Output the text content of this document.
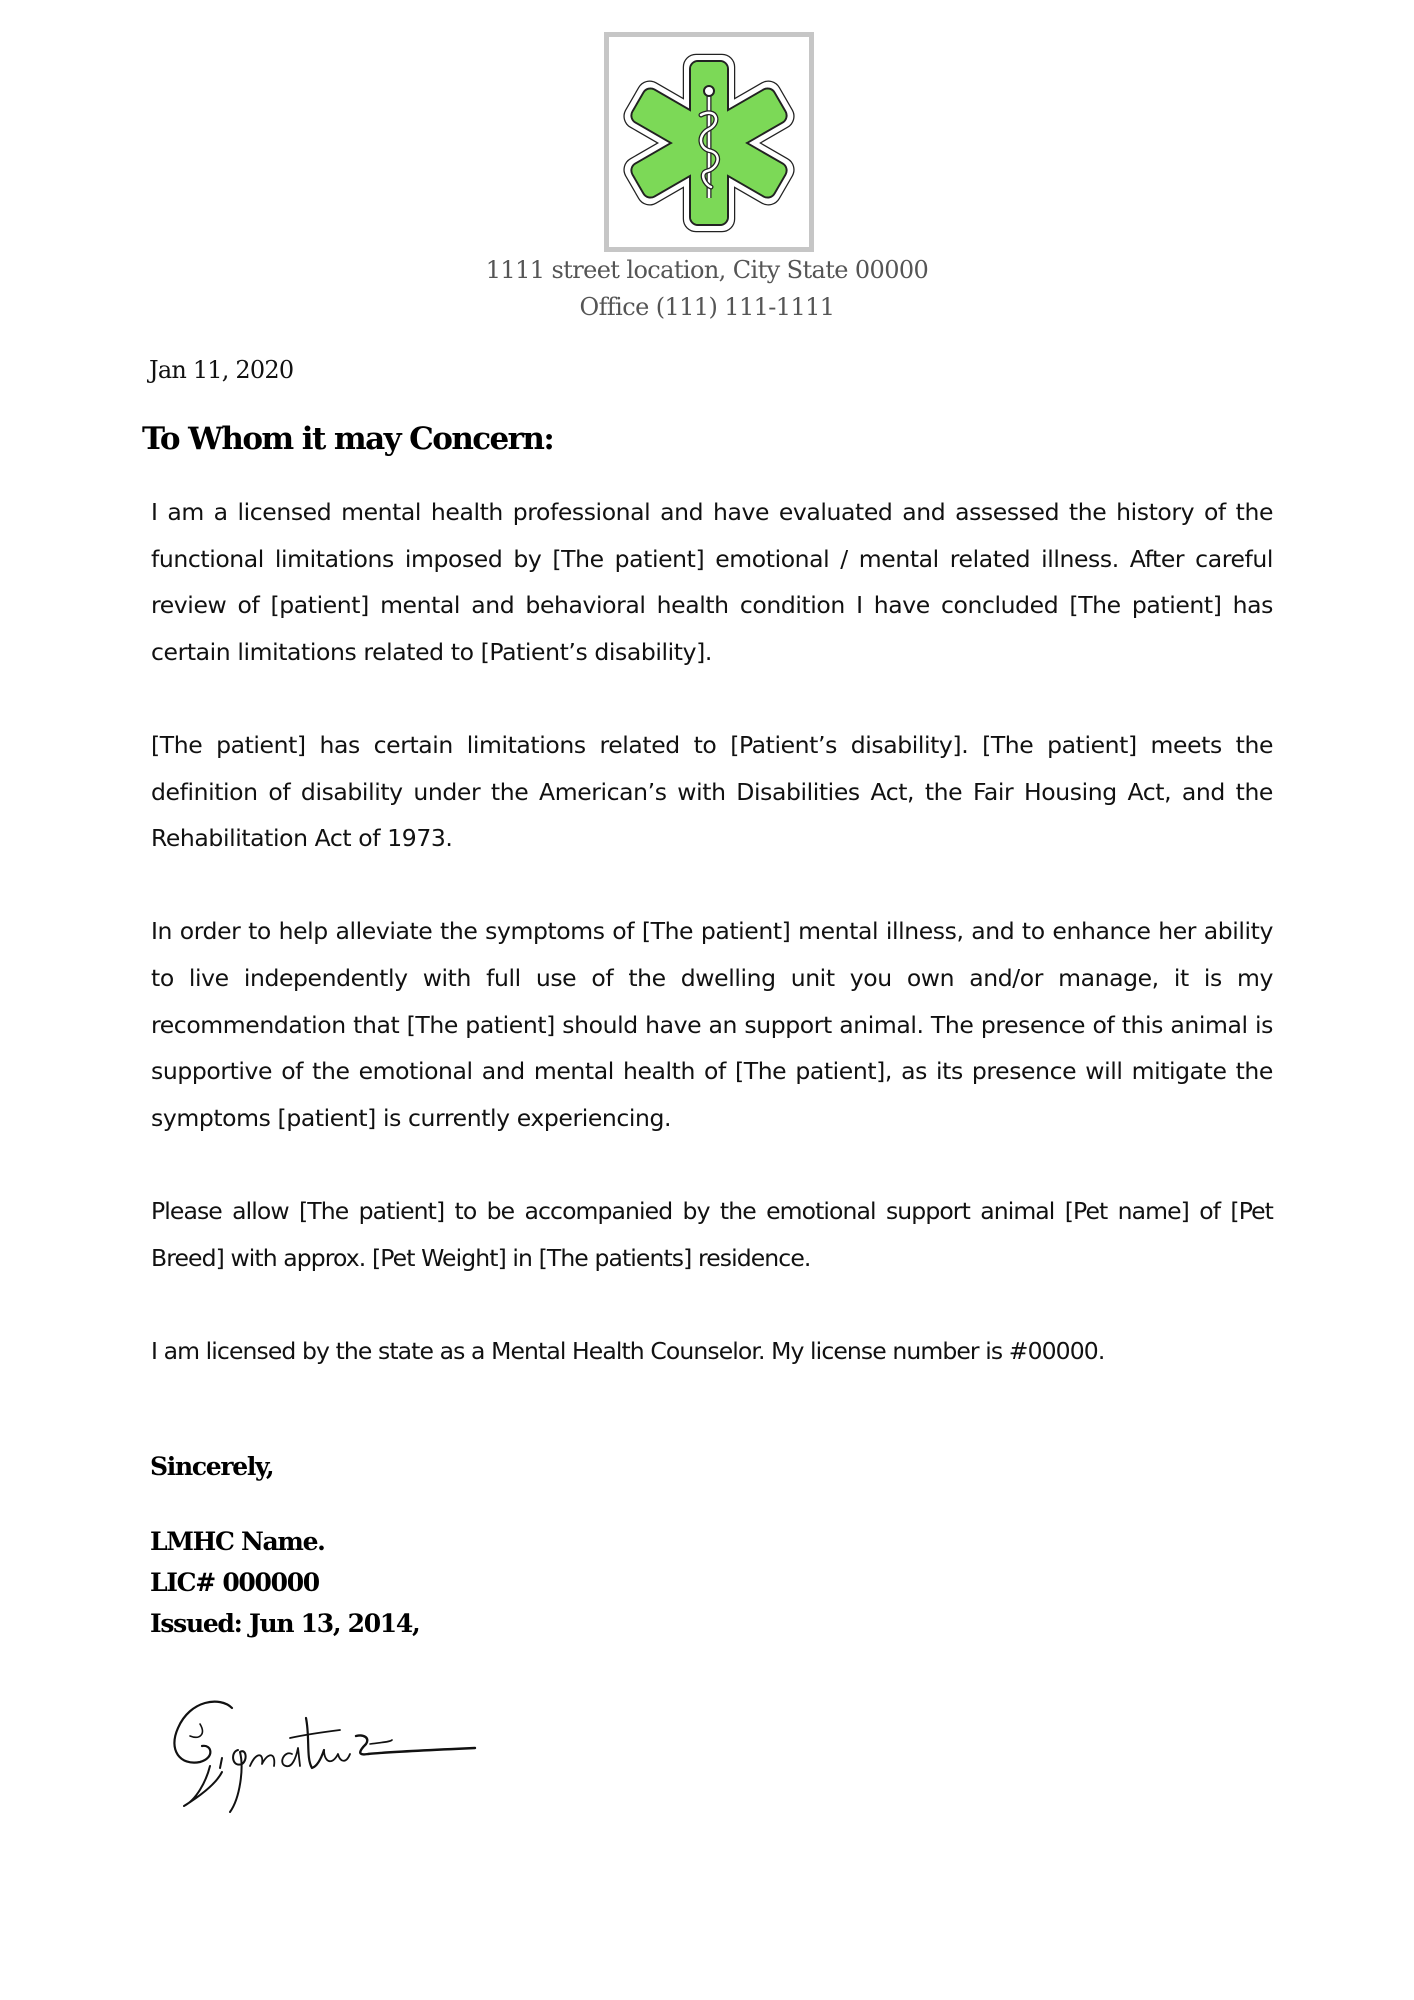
1111 street location, City State 00000
Office (111) 111-1111
Jan 11, 2020
To Whom it may Concern:

I am a licensed mental health professional and have evaluated and assessed the history of the functional limitations imposed by [The patient] emotional / mental related illness. After careful review of [patient] mental and behavioral health condition I have concluded [The patient] has certain limitations related to [Patient’s disability].

[The patient] has certain limitations related to [Patient’s disability]. [The patient] meets the definition of disability under the American’s with Disabilities Act, the Fair Housing Act, and the Rehabilitation Act of 1973.

In order to help alleviate the symptoms of [The patient] mental illness, and to enhance her ability to live independently with full use of the dwelling unit you own and/or manage, it is my recommendation that [The patient] should have an support animal. The presence of this animal is supportive of the emotional and mental health of [The patient], as its presence will mitigate the symptoms [patient] is currently experiencing.

Please allow [The patient] to be accompanied by the emotional support animal [Pet name] of [Pet Breed] with approx. [Pet Weight] in [The patients] residence.

I am licensed by the state as a Mental Health Counselor. My license number is #00000.

Sincerely,
LMHC Name.
LIC# 000000
Issued: Jun 13, 2014,
